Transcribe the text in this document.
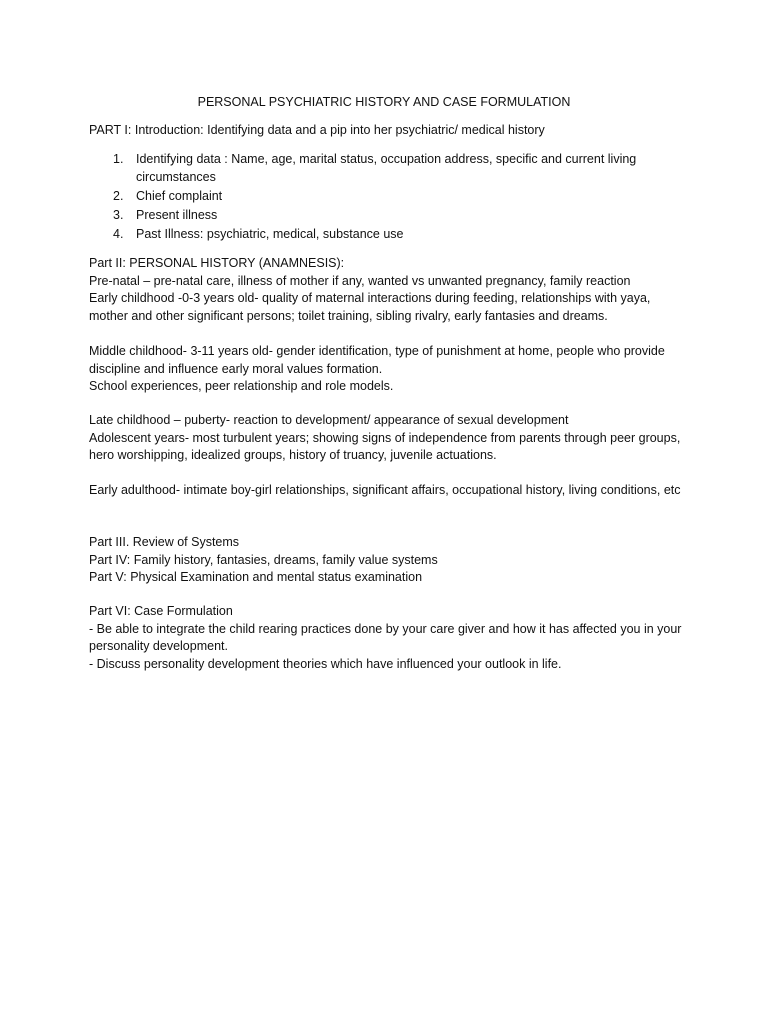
PERSONAL PSYCHIATRIC HISTORY AND CASE FORMULATION
PART I: Introduction: Identifying data and a pip into her psychiatric/ medical history
1. Identifying data : Name, age, marital status, occupation address, specific and current living circumstances
2. Chief complaint
3. Present illness
4. Past Illness: psychiatric, medical, substance use
Part II: PERSONAL HISTORY (ANAMNESIS):
Pre-natal – pre-natal care, illness of mother if any, wanted vs unwanted pregnancy, family reaction
Early childhood -0-3 years old- quality of maternal interactions during feeding, relationships with yaya, mother and other significant persons; toilet training, sibling rivalry, early fantasies and dreams.
Middle childhood- 3-11 years old- gender identification, type of punishment at home, people who provide discipline and influence early moral values formation.
School experiences, peer relationship and role models.
Late childhood – puberty- reaction to development/ appearance of sexual development
Adolescent years- most turbulent years; showing signs of independence from parents through peer groups, hero worshipping, idealized groups, history of truancy, juvenile actuations.
Early adulthood- intimate boy-girl relationships, significant affairs, occupational history, living conditions, etc
Part III. Review of Systems
Part IV: Family history, fantasies, dreams, family value systems
Part V: Physical Examination and mental status examination
Part VI: Case Formulation
- Be able to integrate the child rearing practices done by your care giver and how it has affected you in your personality development.
- Discuss personality development theories which have influenced your outlook in life.
